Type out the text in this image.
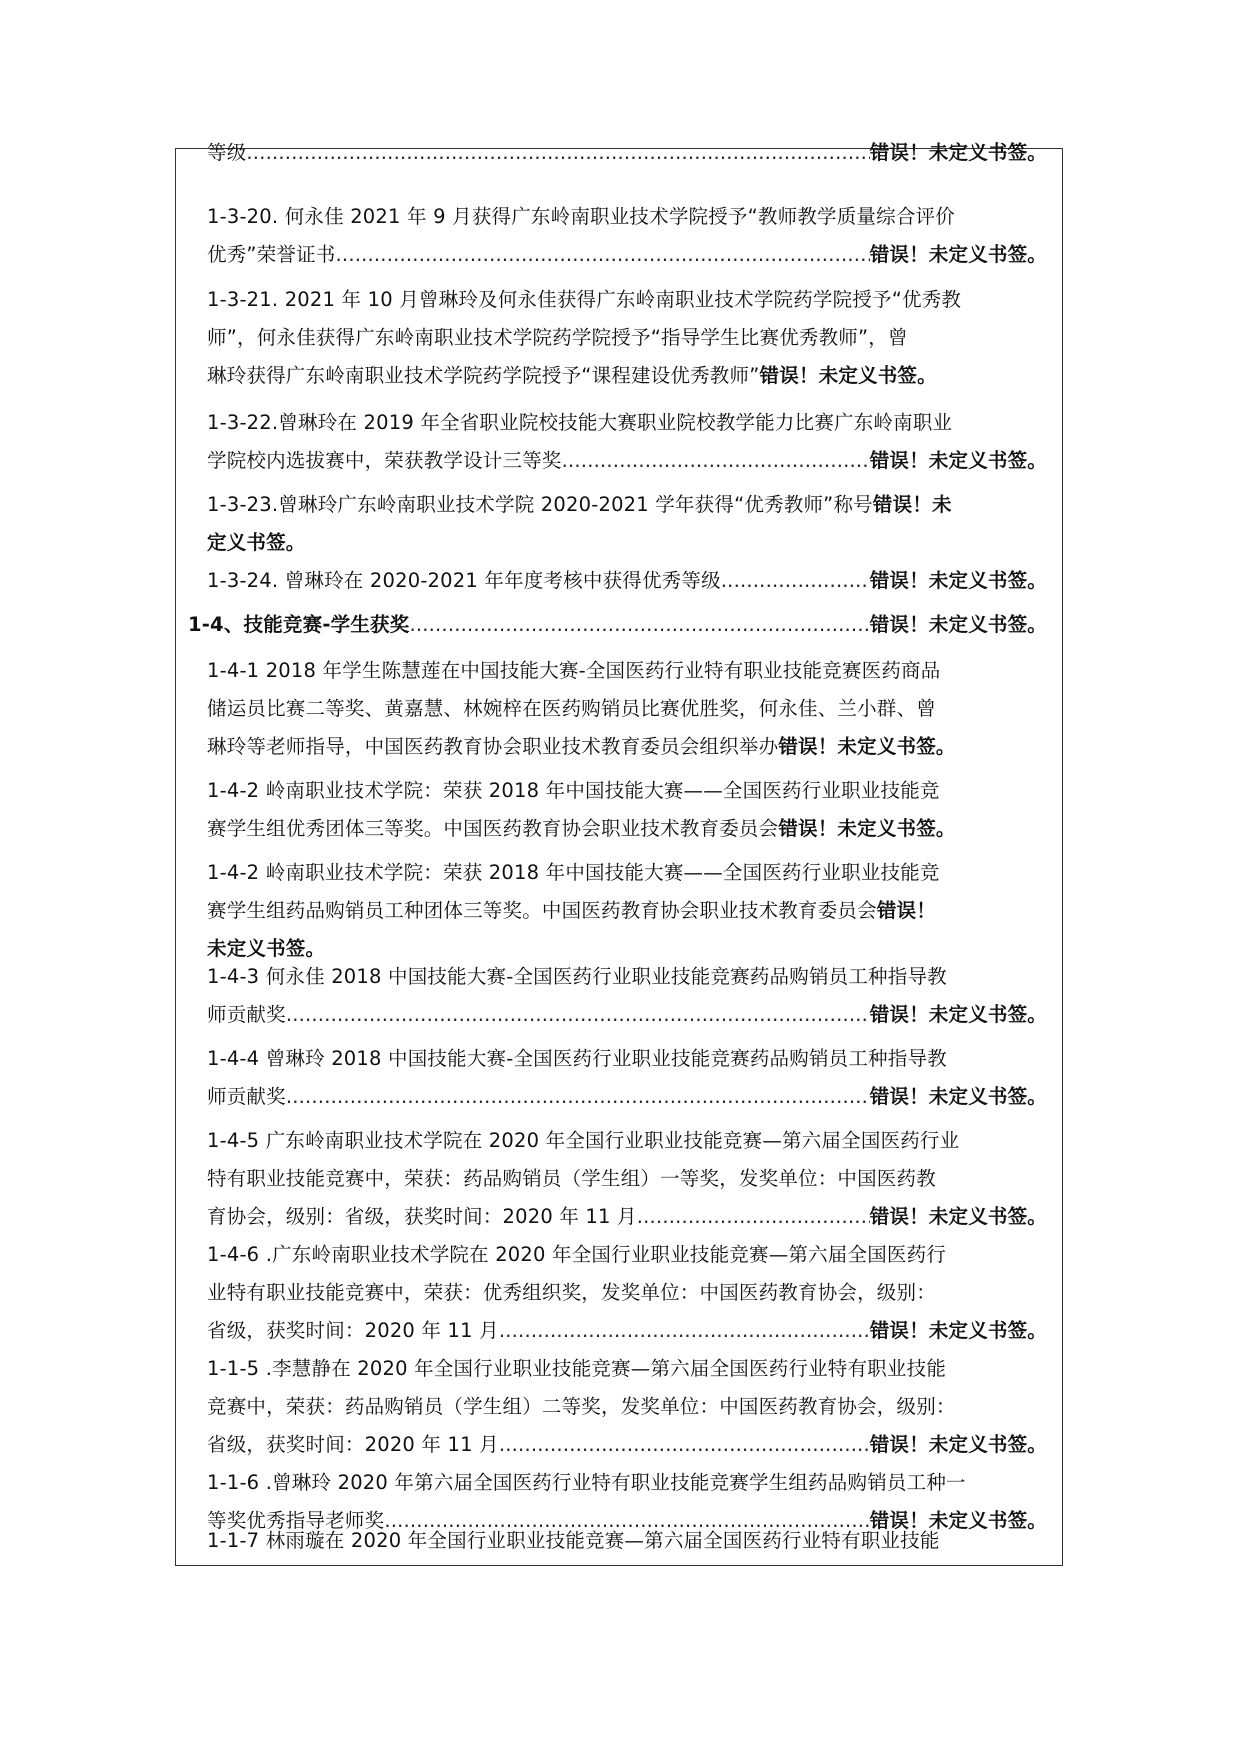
等级 .....	错误！未定义书签。
1-3-20. 何永佳 2021 年 9 月获得广东岭南职业技术学院授予“教师教学质量综合评价
优秀”荣誉证书 .....	错误！未定义书签。
1-3-21. 2021 年 10 月曾琳玲及何永佳获得广东岭南职业技术学院药学院授予“优秀教
师”，何永佳获得广东岭南职业技术学院药学院授予“指导学生比赛优秀教师”，曾
琳玲获得广东岭南职业技术学院药学院授予“课程建设优秀教师” 错误！未定义书签。
1-3-22.曾琳玲在 2019 年全省职业院校技能大赛职业院校教学能力比赛广东岭南职业
学院校内选拔赛中，荣获教学设计三等奖 .....	错误！未定义书签。
1-3-23.曾琳玲广东岭南职业技术学院 2020-2021 学年获得“优秀教师”称号错误！未
定义书签。
1-3-24. 曾琳玲在 2020-2021 年年度考核中获得优秀等级 .....	错误！未定义书签。
1-4、技能竞赛-学生获奖 .....	错误！未定义书签。
1-4-1 2018 年学生陈慧莲在中国技能大赛-全国医药行业特有职业技能竞赛医药商品
储运员比赛二等奖、黄嘉慧、林婉梓在医药购销员比赛优胜奖，何永佳、兰小群、曾
琳玲等老师指导，中国医药教育协会职业技术教育委员会组织举办 错误！未定义书签。
1-4-2 岭南职业技术学院：荣获 2018 年中国技能大赛——全国医药行业职业技能竞
赛学生组优秀团体三等奖。中国医药教育协会职业技术教育委员会 错误！未定义书签。
1-4-2 岭南职业技术学院：荣获 2018 年中国技能大赛——全国医药行业职业技能竞
赛学生组药品购销员工种团体三等奖。中国医药教育协会职业技术教育委员会错误！
未定义书签。
1-4-3 何永佳 2018 中国技能大赛-全国医药行业职业技能竞赛药品购销员工种指导教
师贡献奖 .....	错误！未定义书签。
1-4-4 曾琳玲 2018 中国技能大赛-全国医药行业职业技能竞赛药品购销员工种指导教
师贡献奖 .....	错误！未定义书签。
1-4-5 广东岭南职业技术学院在 2020 年全国行业职业技能竞赛—第六届全国医药行业
特有职业技能竞赛中，荣获：药品购销员（学生组）一等奖，发奖单位：中国医药教
育协会，级别：省级，获奖时间：2020 年 11 月 .....	错误！未定义书签。
1-4-6 .广东岭南职业技术学院在 2020 年全国行业职业技能竞赛—第六届全国医药行
业特有职业技能竞赛中，荣获：优秀组织奖，发奖单位：中国医药教育协会，级别：
省级，获奖时间：2020 年 11 月 .....	错误！未定义书签。
1-1-5 .李慧静在 2020 年全国行业职业技能竞赛—第六届全国医药行业特有职业技能
竞赛中，荣获：药品购销员（学生组）二等奖，发奖单位：中国医药教育协会，级别：
省级，获奖时间：2020 年 11 月 .....	错误！未定义书签。
1-1-6 .曾琳玲 2020 年第六届全国医药行业特有职业技能竞赛学生组药品购销员工种一
等奖优秀指导老师奖 .....	错误！未定义书签。
1-1-7 林雨璇在 2020 年全国行业职业技能竞赛—第六届全国医药行业特有职业技能
